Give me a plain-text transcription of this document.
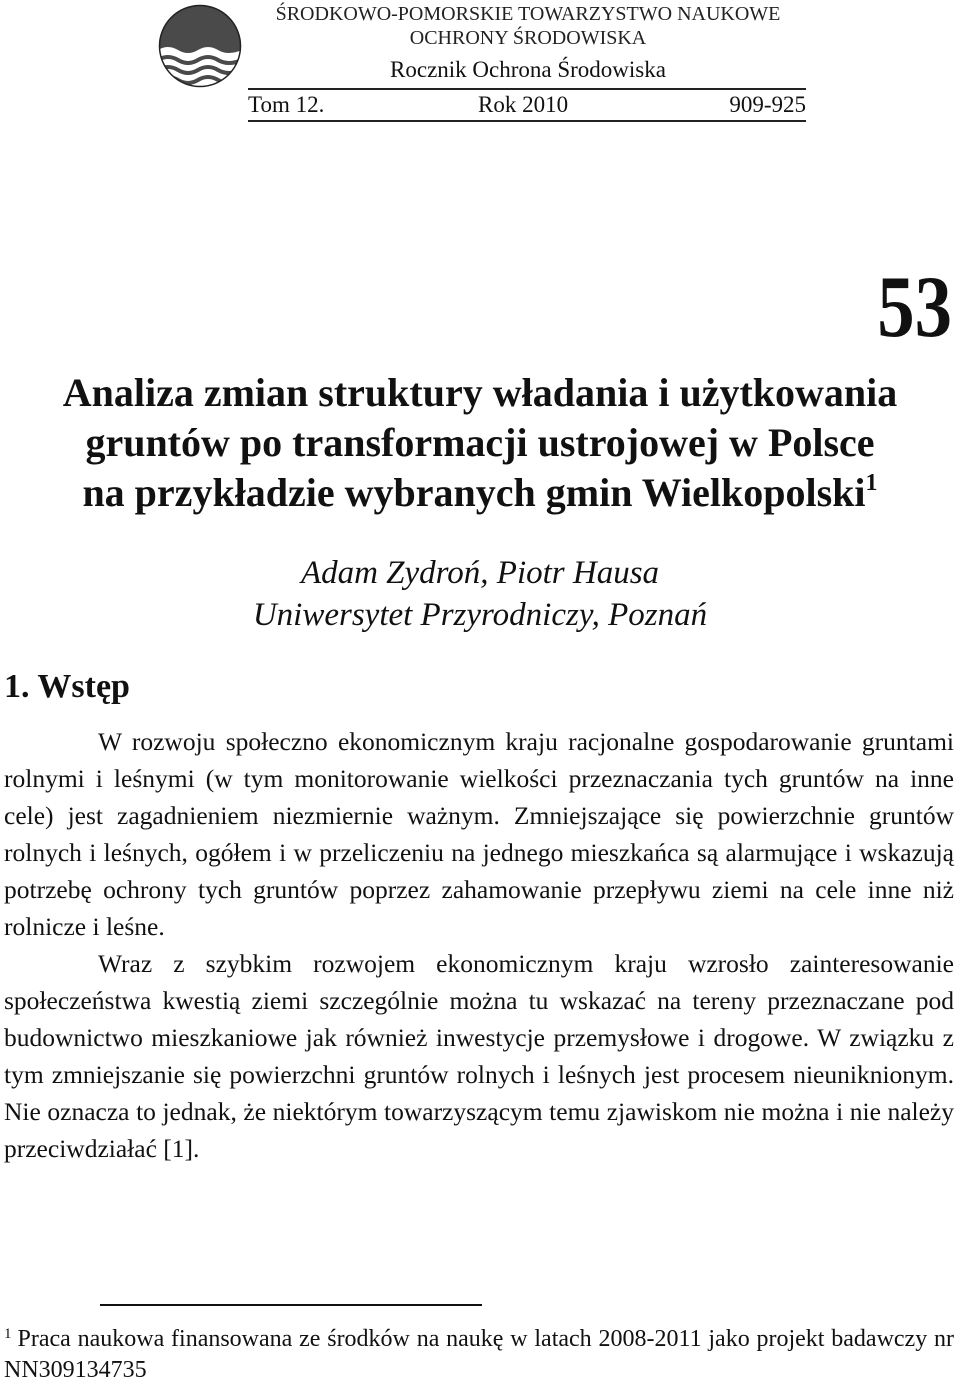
ŚRODKOWO-POMORSKIE TOWARZYSTWO NAUKOWE
OCHRONY ŚRODOWISKA
Rocznik Ochrona Środowiska
Tom 12.	Rok 2010	909-925
53
Analiza zmian struktury władania i użytkowania
gruntów po transformacji ustrojowej w Polsce
na przykładzie wybranych gmin Wielkopolski$^1$
Adam Zydroń, Piotr Hausa
Uniwersytet Przyrodniczy, Poznań
1. Wstęp

W rozwoju społeczno ekonomicznym kraju racjonalne gospodarowanie gruntami rolnymi i leśnymi (w tym monitorowanie wielkości przeznaczania tych gruntów na inne cele) jest zagadnieniem niezmiernie ważnym. Zmniejszające się powierzchnie gruntów rolnych i leśnych, ogółem i w przeliczeniu na jednego mieszkańca są alarmujące i wskazują potrzebę ochrony tych gruntów poprzez zahamowanie przepływu ziemi na cele inne niż rolnicze i leśne.

Wraz z szybkim rozwojem ekonomicznym kraju wzrosło zainteresowanie społeczeństwa kwestią ziemi szczególnie można tu wskazać na tereny przeznaczane pod budownictwo mieszkaniowe jak również inwestycje przemysłowe i drogowe. W związku z tym zmniejszanie się powierzchni gruntów rolnych i leśnych jest procesem nieuniknionym. Nie oznacza to jednak, że niektórym towarzyszącym temu zjawiskom nie można i nie należy przeciwdziałać [1].

$^1$ Praca naukowa finansowana ze środków na naukę w latach 2008-2011 jako projekt badawczy nr NN309134735
